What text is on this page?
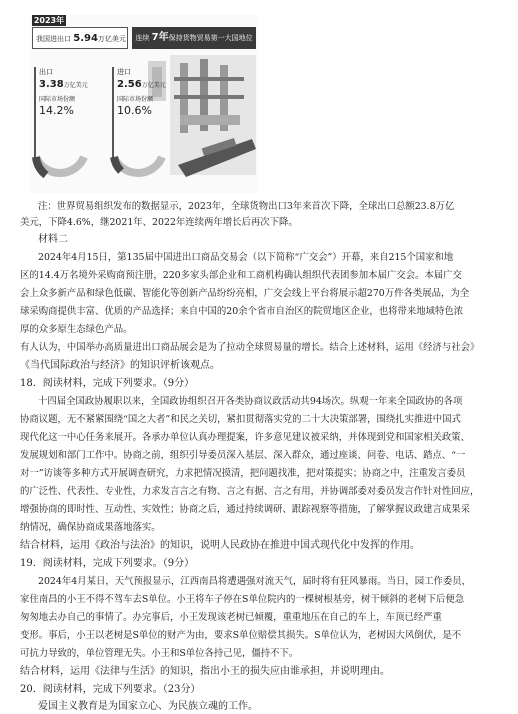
2023年
我国进出口 5.94万亿美元	连续 7年保持货物贸易第一大国地位
出口
3.38万亿美元
国际市场份额
14.2%
进口
2.56万亿美元
国际市场份额
10.6%
注：世界贸易组织发布的数据显示，2023年，全球货物出口3年来首次下降，全球出口总额23.8万亿
美元，下降4.6%，继2021年、2022年连续两年增长后再次下降。
材料二
2024年4月15日，第135届中国进出口商品交易会（以下简称“广交会”）开幕，来自215个国家和地
区的14.4万名境外采购商预注册，220多家头部企业和工商机构确认组织代表团参加本届广交会。本届广交
会上众多新产品和绿色低碳、智能化等创新产品纷纷亮相，广交会线上平台将展示超270万件各类展品，为全
球采购商提供丰富、优质的产品选择；来自中国的20余个省市自治区的院贸地区企业，也将带来地域特色浓
厚的众多原生态绿色产品。
有人认为，中国举办高质量进出口商品展会是为了拉动全球贸易量的增长。结合上述材料，运用《经济与社会》
《当代国际政治与经济》的知识评析该观点。
18．阅读材料，完成下列要求。（9分）
十四届全国政协履职以来，全国政协组织召开各类协商议政活动共94场次。纵观一年来全国政协的各项
协商议题，无不紧紧围绕“国之大者”和民之关切，紧扣贯彻落实党的二十大决策部署，围绕扎实推进中国式
现代化这一中心任务来展开。各承办单位认真办理提案，许多意见建议被采纳，并体现到党和国家相关政策、
发展规划和部门工作中。协商之前，组织引导委员深入基层、深入群众，通过座谈、问卷、电话、踏点、“一
对一”访谈等多种方式开展调查研究，力求把情况摸清，把问题找准，把对策提实；协商之中，注重发言委员
的广泛性、代表性、专业性，力求发言言之有物、言之有据、言之有用，并协调部委对委员发言作针对性回应，
增强协商的即时性、互动性、实效性；协商之后，通过持续调研、跟踪视察等措施，了解掌握议政建言成果采
纳情况，确保协商成果落地落实。
结合材料，运用《政治与法治》的知识，说明人民政协在推进中国式现代化中发挥的作用。
19．阅读材料，完成下列要求。（9分）
2024年4月某日，天气预报显示，江西南昌将遭遇强对流天气，届时将有狂风暴雨。当日，园工作委员，
家住南昌的小王不得不驾车去S单位。小王将车子停在S单位院内的一棵树根基旁，树干倾斜的老树下后便急
匆匆地去办自己的事情了。办完事后，小王发现该老树已倾覆，重重地压在自己的车上，车顶已经严重
变形。事后，小王以老树是S单位的财产为由，要求S单位赔偿其损失。S单位认为，老树因大风倒伏，是不
可抗力导致的，单位管理无失。小王和S单位各持己见，僵持不下。
结合材料，运用《法律与生活》的知识，指出小王的损失应由谁承担，并说明理由。
20．阅读材料，完成下列要求。（23分）
爱国主义教育是为国家立心、为民族立魂的工作。
